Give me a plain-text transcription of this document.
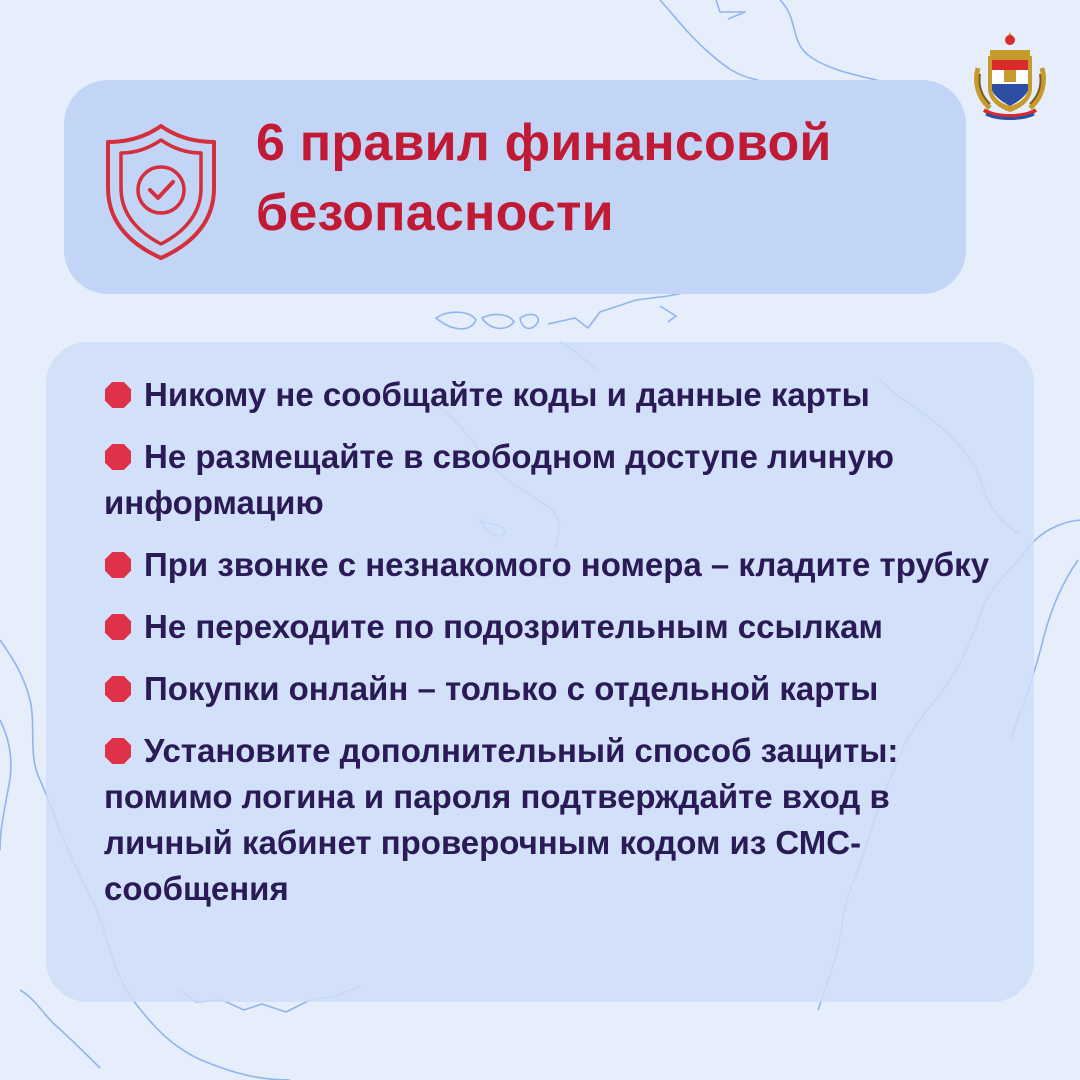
6 правил финансовой
безопасности
Никому не сообщайте коды и данные карты
Не размещайте в свободном доступе личную информацию
При звонке с незнакомого номера – кладите трубку
Не переходите по подозрительным ссылкам
Покупки онлайн – только с отдельной карты
Установите дополнительный способ защиты: помимо логина и пароля подтверждайте вход в личный кабинет проверочным кодом из СМС-сообщения
